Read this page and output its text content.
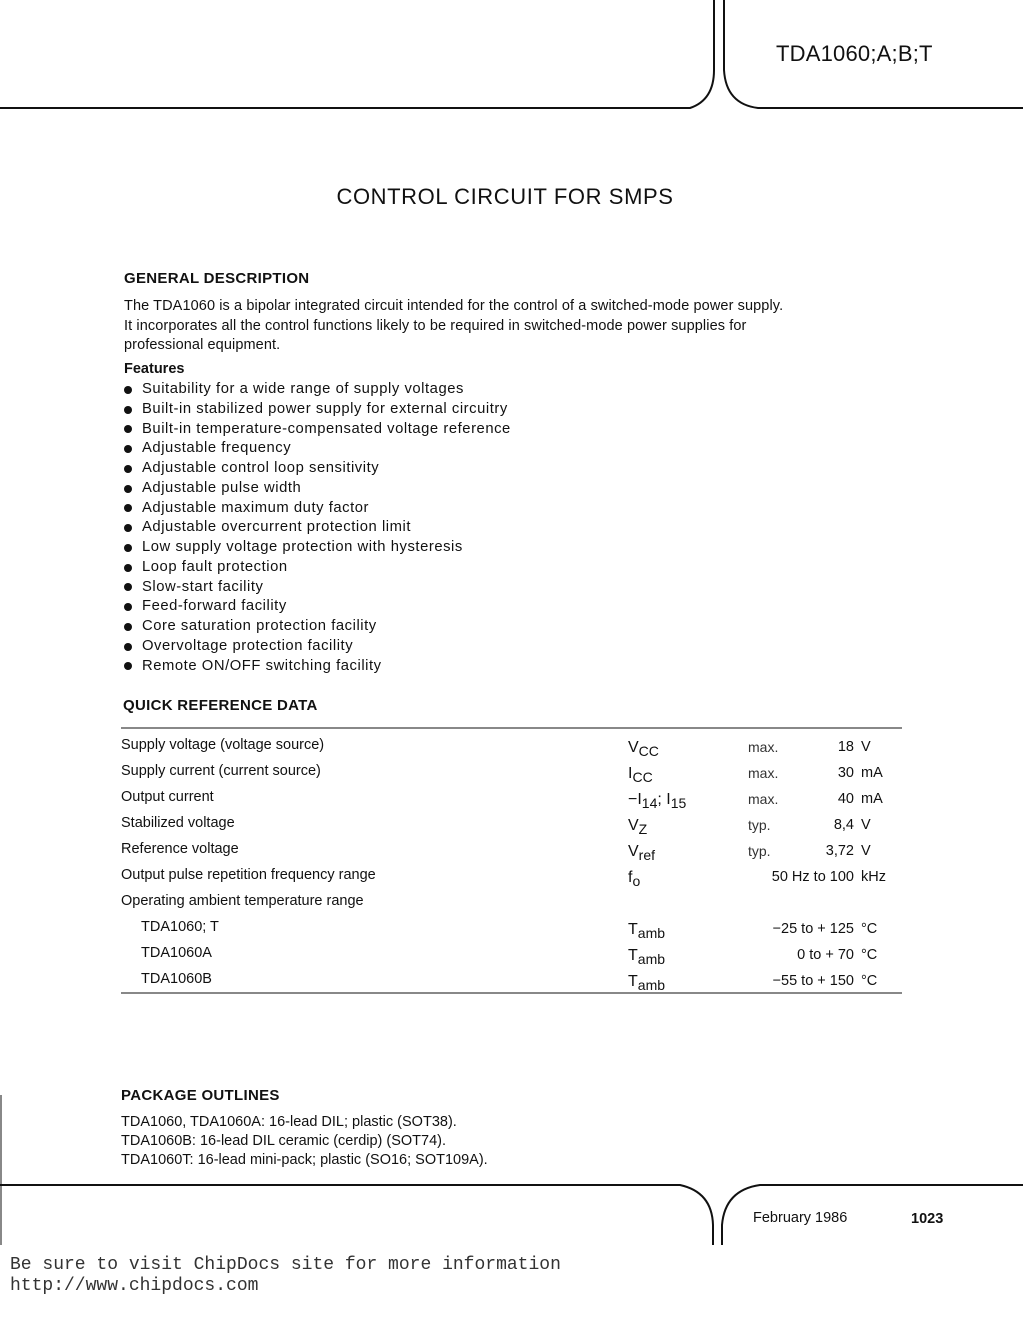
TDA1060;A;B;T
CONTROL CIRCUIT FOR SMPS
GENERAL DESCRIPTION
The TDA1060 is a bipolar integrated circuit intended for the control of a switched-mode power supply.
It incorporates all the control functions likely to be required in switched-mode power supplies for
professional equipment.
Features
Suitability for a wide range of supply voltages
Built-in stabilized power supply for external circuitry
Built-in temperature-compensated voltage reference
Adjustable frequency
Adjustable control loop sensitivity
Adjustable pulse width
Adjustable maximum duty factor
Adjustable overcurrent protection limit
Low supply voltage protection with hysteresis
Loop fault protection
Slow-start facility
Feed-forward facility
Core saturation protection facility
Overvoltage protection facility
Remote ON/OFF switching facility
QUICK REFERENCE DATA
Supply voltage (voltage source)	$V_{CC}$	max.	18 V
Supply current (current source)	$I_{CC}$	max.	30 mA
Output current	$-I_{14}$; $I_{15}$	max.	40 mA
Stabilized voltage	$V_Z$	typ.	8,4 V
Reference voltage	$V_{ref}$	typ.	3,72 V
Output pulse repetition frequency range	$f_o$	50 Hz to 100 kHz
Operating ambient temperature range
TDA1060; T	$T_{amb}$	−25 to + 125 °C
TDA1060A	$T_{amb}$	0 to + 70 °C
TDA1060B	$T_{amb}$	−55 to + 150 °C
PACKAGE OUTLINES
TDA1060, TDA1060A: 16-lead DIL; plastic (SOT38).
TDA1060B: 16-lead DIL ceramic (cerdip) (SOT74).
TDA1060T: 16-lead mini-pack; plastic (SO16; SOT109A).
February 1986	1023
Be sure to visit ChipDocs site for more information
http://www.chipdocs.com
